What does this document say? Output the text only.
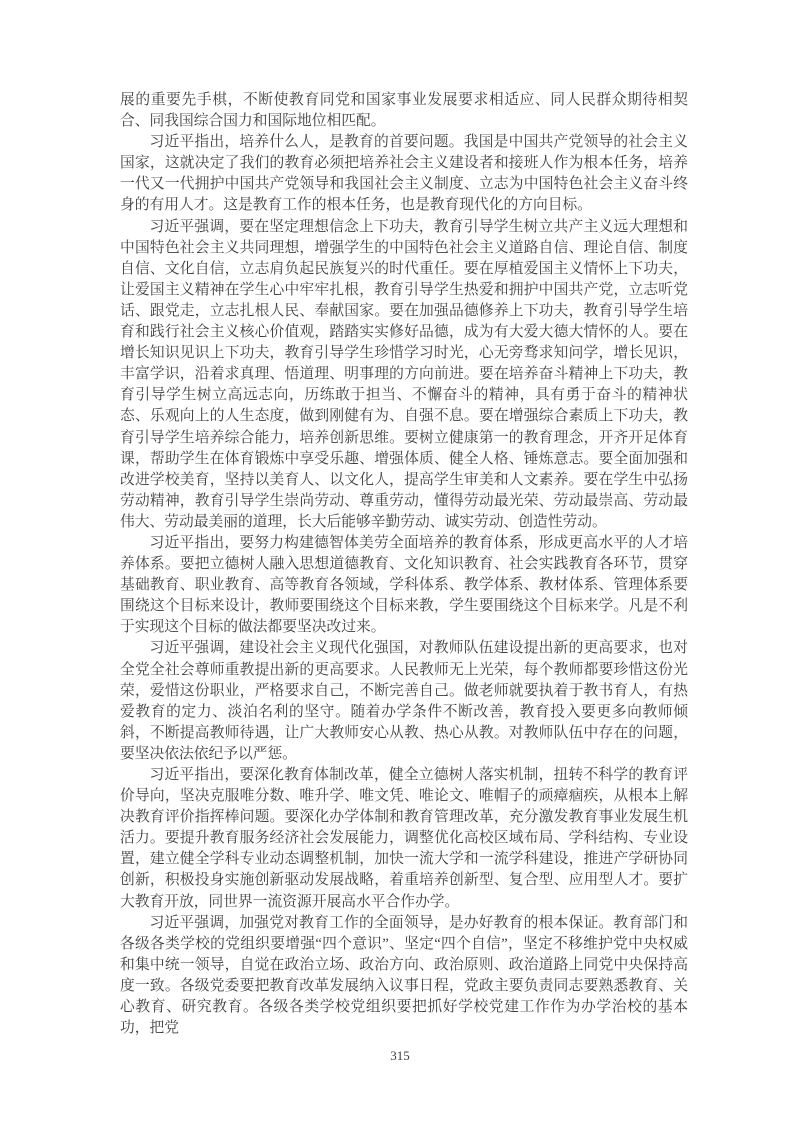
展的重要先手棋，不断使教育同党和国家事业发展要求相适应、同人民群众期待相契合、同我国综合国力和国际地位相匹配。

习近平指出，培养什么人，是教育的首要问题。我国是中国共产党领导的社会主义国家，这就决定了我们的教育必须把培养社会主义建设者和接班人作为根本任务，培养一代又一代拥护中国共产党领导和我国社会主义制度、立志为中国特色社会主义奋斗终身的有用人才。这是教育工作的根本任务，也是教育现代化的方向目标。

习近平强调，要在坚定理想信念上下功夫，教育引导学生树立共产主义远大理想和中国特色社会主义共同理想，增强学生的中国特色社会主义道路自信、理论自信、制度自信、文化自信，立志肩负起民族复兴的时代重任。要在厚植爱国主义情怀上下功夫，让爱国主义精神在学生心中牢牢扎根，教育引导学生热爱和拥护中国共产党，立志听党话、跟党走，立志扎根人民、奉献国家。要在加强品德修养上下功夫，教育引导学生培育和践行社会主义核心价值观，踏踏实实修好品德，成为有大爱大德大情怀的人。要在增长知识见识上下功夫，教育引导学生珍惜学习时光，心无旁骛求知问学，增长见识，丰富学识，沿着求真理、悟道理、明事理的方向前进。要在培养奋斗精神上下功夫，教育引导学生树立高远志向，历练敢于担当、不懈奋斗的精神，具有勇于奋斗的精神状态、乐观向上的人生态度，做到刚健有为、自强不息。要在增强综合素质上下功夫，教育引导学生培养综合能力，培养创新思维。要树立健康第一的教育理念，开齐开足体育课，帮助学生在体育锻炼中享受乐趣、增强体质、健全人格、锤炼意志。要全面加强和改进学校美育，坚持以美育人、以文化人，提高学生审美和人文素养。要在学生中弘扬劳动精神，教育引导学生崇尚劳动、尊重劳动，懂得劳动最光荣、劳动最崇高、劳动最伟大、劳动最美丽的道理，长大后能够辛勤劳动、诚实劳动、创造性劳动。

习近平指出，要努力构建德智体美劳全面培养的教育体系，形成更高水平的人才培养体系。要把立德树人融入思想道德教育、文化知识教育、社会实践教育各环节，贯穿基础教育、职业教育、高等教育各领域，学科体系、教学体系、教材体系、管理体系要围绕这个目标来设计，教师要围绕这个目标来教，学生要围绕这个目标来学。凡是不利于实现这个目标的做法都要坚决改过来。

习近平强调，建设社会主义现代化强国，对教师队伍建设提出新的更高要求，也对全党全社会尊师重教提出新的更高要求。人民教师无上光荣，每个教师都要珍惜这份光荣，爱惜这份职业，严格要求自己，不断完善自己。做老师就要执着于教书育人，有热爱教育的定力、淡泊名利的坚守。随着办学条件不断改善，教育投入要更多向教师倾斜，不断提高教师待遇，让广大教师安心从教、热心从教。对教师队伍中存在的问题，要坚决依法依纪予以严惩。

习近平指出，要深化教育体制改革，健全立德树人落实机制，扭转不科学的教育评价导向，坚决克服唯分数、唯升学、唯文凭、唯论文、唯帽子的顽瘴痼疾，从根本上解决教育评价指挥棒问题。要深化办学体制和教育管理改革，充分激发教育事业发展生机活力。要提升教育服务经济社会发展能力，调整优化高校区域布局、学科结构、专业设置，建立健全学科专业动态调整机制，加快一流大学和一流学科建设，推进产学研协同创新，积极投身实施创新驱动发展战略，着重培养创新型、复合型、应用型人才。要扩大教育开放，同世界一流资源开展高水平合作办学。

习近平强调，加强党对教育工作的全面领导，是办好教育的根本保证。教育部门和各级各类学校的党组织要增强“四个意识”、坚定“四个自信”，坚定不移维护党中央权威和集中统一领导，自觉在政治立场、政治方向、政治原则、政治道路上同党中央保持高度一致。各级党委要把教育改革发展纳入议事日程，党政主要负责同志要熟悉教育、关心教育、研究教育。各级各类学校党组织要把抓好学校党建工作作为办学治校的基本功，把党

315
